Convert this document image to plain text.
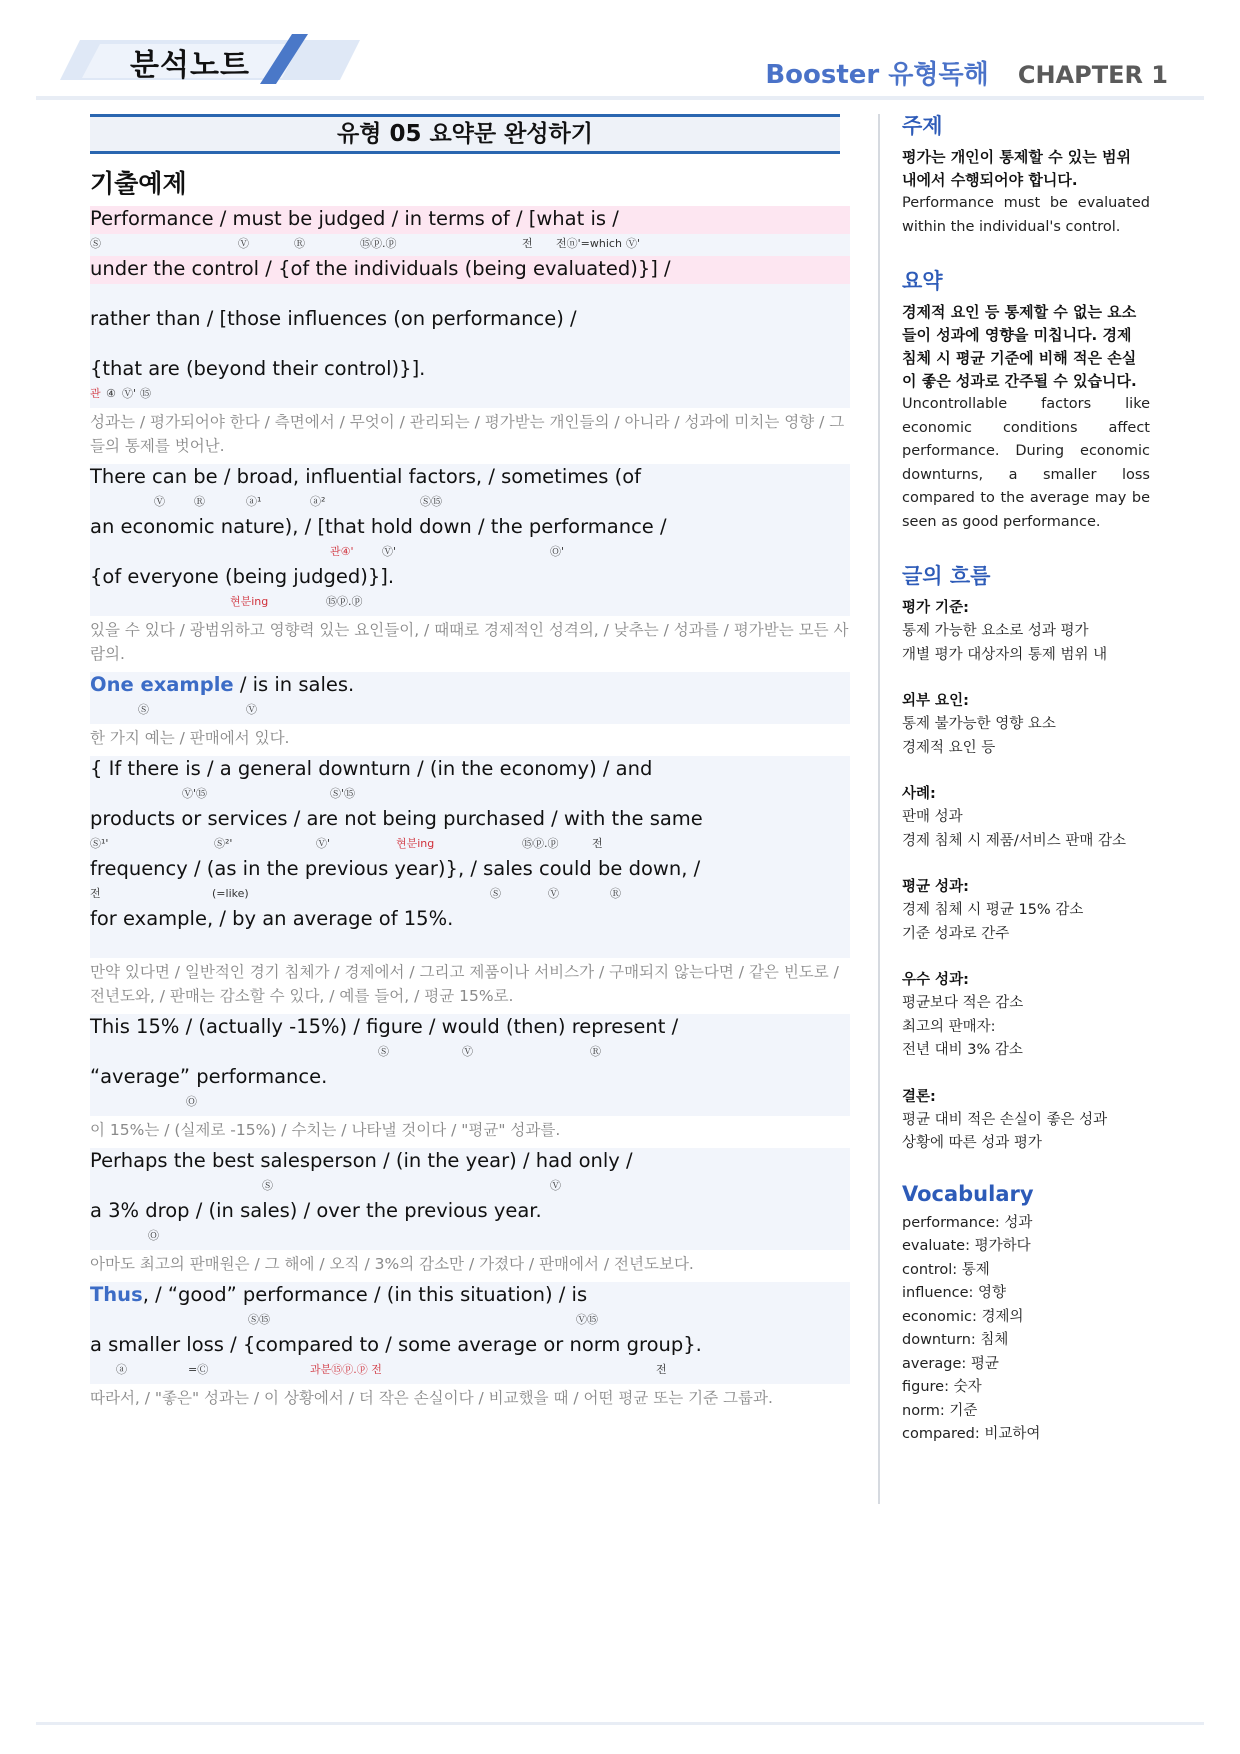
분석노트	Booster 유형독해 CHAPTER 1
유형 05 요약문 완성하기
기출예제
Performance / must be judged / in terms of / [what is /
Ⓢ	Ⓥ	Ⓡ	⑮ⓟ.ⓟ	전 전ⓝ'=which Ⓥ'
under the control / {of the individuals (being evaluated)}] /
rather than / [those influences (on performance) /
{that are (beyond their control)}].
관 ④ Ⓥ' ⑮
성과는 / 평가되어야 한다 / 측면에서 / 무엇이 / 관리되는 / 평가받는 개인들의 / 아니라 / 성과에 미치는 영향 / 그들의 통제를 벗어난.
There can be / broad, influential factors, / sometimes (of
Ⓥ	Ⓡ	ⓐ¹	ⓐ²	Ⓢ⑮
an economic nature), / [that hold down / the performance /
관④'	Ⓥ'	Ⓞ'
{of everyone (being judged)}].
현분ing	⑮ⓟ.ⓟ
있을 수 있다 / 광범위하고 영향력 있는 요인들이, / 때때로 경제적인 성격의, / 낮추는 / 성과를 / 평가받는 모든 사람의.
One example / is in sales.
Ⓢ	Ⓥ
한 가지 예는 / 판매에서 있다.
{ If there is / a general downturn / (in the economy) / and
Ⓥ'⑮	Ⓢ'⑮
products or services / are not being purchased / with the same
Ⓢ¹'	Ⓢ²'	Ⓥ'	현분ing	⑮ⓟ.ⓟ	전
frequency / (as in the previous year)}, / sales could be down, /
전	(=like)	Ⓢ	Ⓥ	Ⓡ
for example, / by an average of 15%.
만약 있다면 / 일반적인 경기 침체가 / 경제에서 / 그리고 제품이나 서비스가 / 구매되지 않는다면 / 같은 빈도로 / 전년도와, / 판매는 감소할 수 있다, / 예를 들어, / 평균 15%로.
This 15% / (actually -15%) / figure / would (then) represent /
Ⓢ	Ⓥ	Ⓡ
“average” performance.
Ⓞ
이 15%는 / (실제로 -15%) / 수치는 / 나타낼 것이다 / "평균" 성과를.
Perhaps the best salesperson / (in the year) / had only /
Ⓢ	Ⓥ
a 3% drop / (in sales) / over the previous year.
Ⓞ
아마도 최고의 판매원은 / 그 해에 / 오직 / 3%의 감소만 / 가졌다 / 판매에서 / 전년도보다.
Thus, / “good” performance / (in this situation) / is
Ⓢ⑮	Ⓥ⑮
a smaller loss / {compared to / some average or norm group}.
ⓐ	=Ⓒ	과분⑮ⓟ.ⓟ 전	전
따라서, / "좋은" 성과는 / 이 상황에서 / 더 작은 손실이다 / 비교했을 때 / 어떤 평균 또는 기준 그룹과.
주제
평가는 개인이 통제할 수 있는 범위 내에서 수행되어야 합니다.
Performance must be evaluated within the individual's control.
요약
경제적 요인 등 통제할 수 없는 요소들이 성과에 영향을 미칩니다. 경제 침체 시 평균 기준에 비해 적은 손실이 좋은 성과로 간주될 수 있습니다.
Uncontrollable factors like economic conditions affect performance. During economic downturns, a smaller loss compared to the average may be seen as good performance.
글의 흐름
평가 기준:
통제 가능한 요소로 성과 평가
개별 평가 대상자의 통제 범위 내
외부 요인:
통제 불가능한 영향 요소
경제적 요인 등
사례:
판매 성과
경제 침체 시 제품/서비스 판매 감소
평균 성과:
경제 침체 시 평균 15% 감소
기준 성과로 간주
우수 성과:
평균보다 적은 감소
최고의 판매자:
전년 대비 3% 감소
결론:
평균 대비 적은 손실이 좋은 성과
상황에 따른 성과 평가
Vocabulary
performance: 성과
evaluate: 평가하다
control: 통제
influence: 영향
economic: 경제의
downturn: 침체
average: 평균
figure: 숫자
norm: 기준
compared: 비교하여
